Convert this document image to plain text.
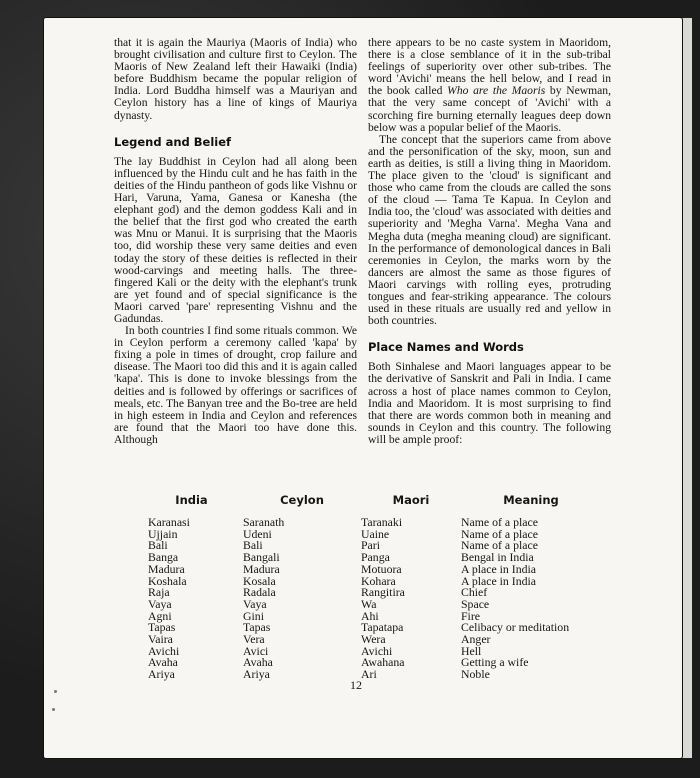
that it is again the Mauriya (Maoris of India) who brought civilisation and culture first to Ceylon. The Maoris of New Zealand left their Hawaiki (India) before Buddhism became the popular religion of India. Lord Buddha himself was a Mauriyan and Ceylon history has a line of kings of Mauriya dynasty.

Legend and Belief

The lay Buddhist in Ceylon had all along been influenced by the Hindu cult and he has faith in the deities of the Hindu pantheon of gods like Vishnu or Hari, Varuna, Yama, Ganesa or Kanesha (the elephant god) and the demon goddess Kali and in the belief that the first god who created the earth was Mnu or Manui. It is surprising that the Maoris too, did worship these very same deities and even today the story of these deities is reflected in their wood-carvings and meeting halls. The three-fingered Kali or the deity with the elephant's trunk are yet found and of special significance is the Maori carved 'pare' representing Vishnu and the Gadundas.

In both countries I find some rituals common. We in Ceylon perform a ceremony called 'kapa' by fixing a pole in times of drought, crop failure and disease. The Maori too did this and it is again called 'kapa'. This is done to invoke blessings from the deities and is followed by offerings or sacrifices of meals, etc. The Banyan tree and the Bo-tree are held in high esteem in India and Ceylon and references are found that the Maori too have done this. Although

there appears to be no caste system in Maoridom, there is a close semblance of it in the sub-tribal feelings of superiority over other sub-tribes. The word 'Avichi' means the hell below, and I read in the book called Who are the Maoris by Newman, that the very same concept of 'Avichi' with a scorching fire burning eternally leagues deep down below was a popular belief of the Maoris.

The concept that the superiors came from above and the personification of the sky, moon, sun and earth as deities, is still a living thing in Maoridom. The place given to the 'cloud' is significant and those who came from the clouds are called the sons of the cloud — Tama Te Kapua. In Ceylon and India too, the 'cloud' was associated with deities and superiority and 'Megha Varna'. Megha Vana and Megha duta (megha meaning cloud) are significant. In the performance of demonological dances in Bali ceremonies in Ceylon, the marks worn by the dancers are almost the same as those figures of Maori carvings with rolling eyes, protruding tongues and fear-striking appearance. The colours used in these rituals are usually red and yellow in both countries.

Place Names and Words

Both Sinhalese and Maori languages appear to be the derivative of Sanskrit and Pali in India. I came across a host of place names common to Ceylon, India and Maoridom. It is most surprising to find that there are words common both in meaning and sounds in Ceylon and this country. The following will be ample proof:

India	Ceylon	Maori	Meaning
Karanasi	Saranath	Taranaki	Name of a place
Ujjain	Udeni	Uaine	Name of a place
Bali	Bali	Pari	Name of a place
Banga	Bangali	Panga	Bengal in India
Madura	Madura	Motuora	A place in India
Koshala	Kosala	Kohara	A place in India
Raja	Radala	Rangitira	Chief
Vaya	Vaya	Wa	Space
Agni	Gini	Ahi	Fire
Tapas	Tapas	Tapatapa	Celibacy or meditation
Vaira	Vera	Wera	Anger
Avichi	Avici	Avichi	Hell
Avaha	Avaha	Awahana	Getting a wife
Ariya	Ariya	Ari	Noble
12
